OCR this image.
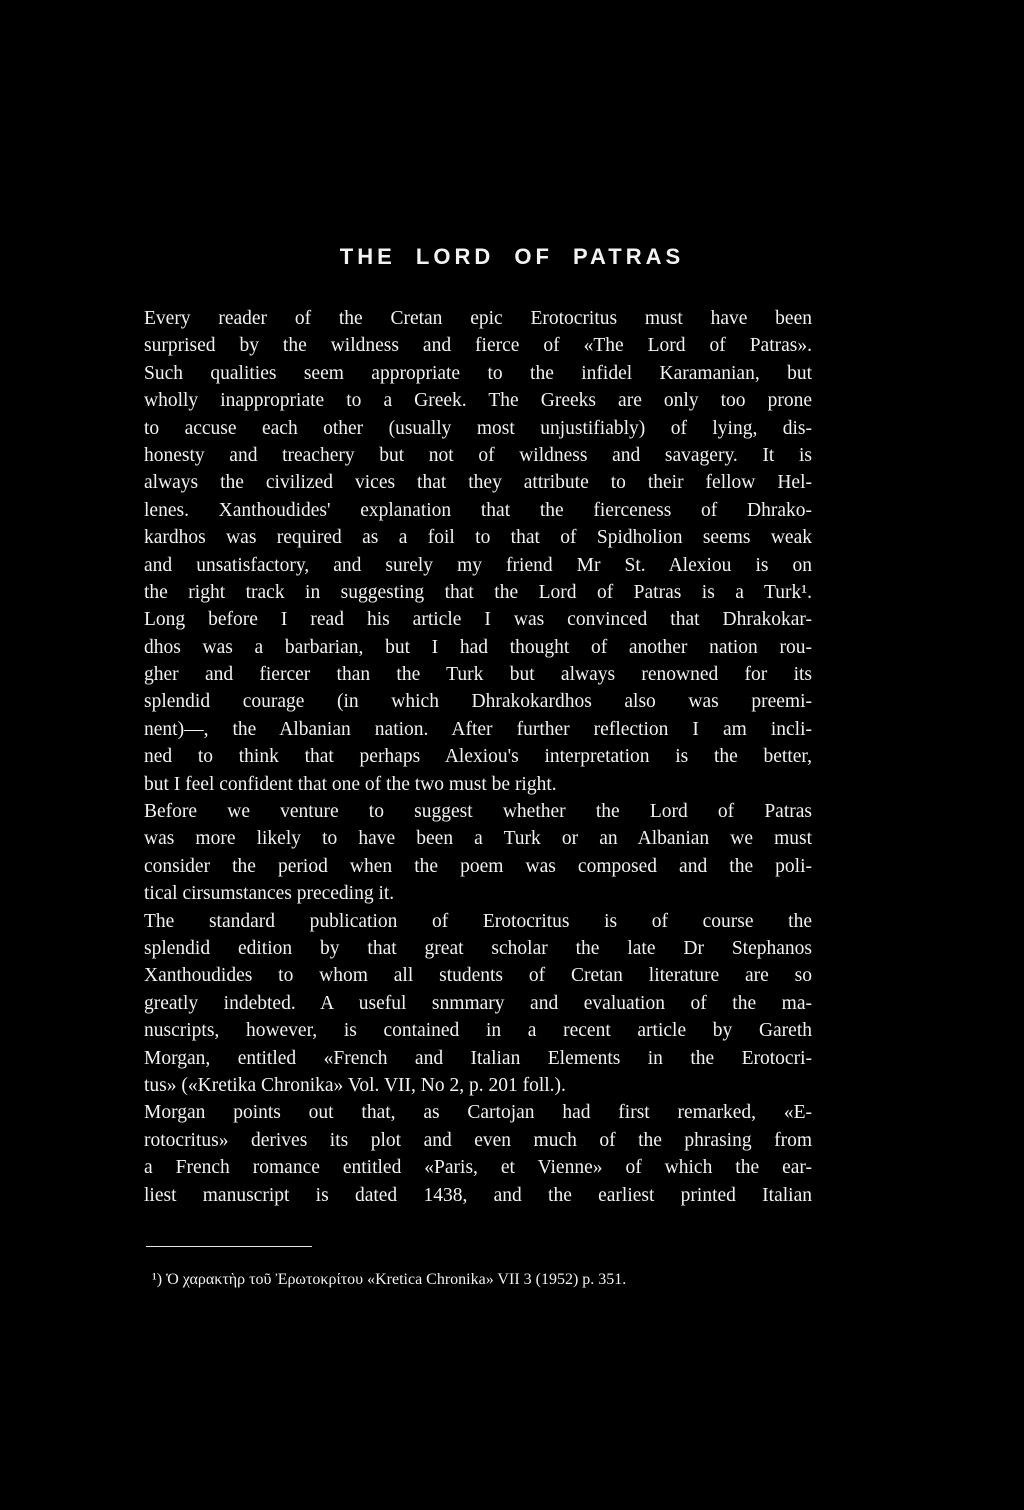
THE LORD OF PATRAS
Every reader of the Cretan epic Erotocritus must have been
surprised by the wildness and fierce of «The Lord of Patras».
Such qualities seem appropriate to the infidel Karamanian, but
wholly inappropriate to a Greek. The Greeks are only too prone
to accuse each other (usually most unjustifiably) of lying, dis-
honesty and treachery but not of wildness and savagery. It is
always the civilized vices that they attribute to their fellow Hel-
lenes. Xanthoudides' explanation that the fierceness of Dhrako-
kardhos was required as a foil to that of Spidholion seems weak
and unsatisfactory, and surely my friend Mr St. Alexiou is on
the right track in suggesting that the Lord of Patras is a Turk¹.
Long before I read his article I was convinced that Dhrakokar-
dhos was a barbarian, but I had thought of another nation rou-
gher and fiercer than the Turk but always renowned for its
splendid courage (in which Dhrakokardhos also was preemi-
nent)—, the Albanian nation. After further reflection I am incli-
ned to think that perhaps Alexiou's interpretation is the better,
but I feel confident that one of the two must be right.
Before we venture to suggest whether the Lord of Patras
was more likely to have been a Turk or an Albanian we must
consider the period when the poem was composed and the poli-
tical cirsumstances preceding it.
The standard publication of Erotocritus is of course the
splendid edition by that great scholar the late Dr Stephanos
Xanthoudides to whom all students of Cretan literature are so
greatly indebted. A useful snmmary and evaluation of the ma-
nuscripts, however, is contained in a recent article by Gareth
Morgan, entitled «French and Italian Elements in the Erotocri-
tus» («Kretika Chronika» Vol. VII, No 2, p. 201 foll.).
Morgan points out that, as Cartojan had first remarked, «E-
rotocritus» derives its plot and even much of the phrasing from
a French romance entitled «Paris, et Vienne» of which the ear-
liest manuscript is dated 1438, and the earliest printed Italian

¹) Ὁ χαρακτὴρ τοῦ Ἐρωτοκρίτου «Kretica Chronika» VII 3 (1952) p. 351.
